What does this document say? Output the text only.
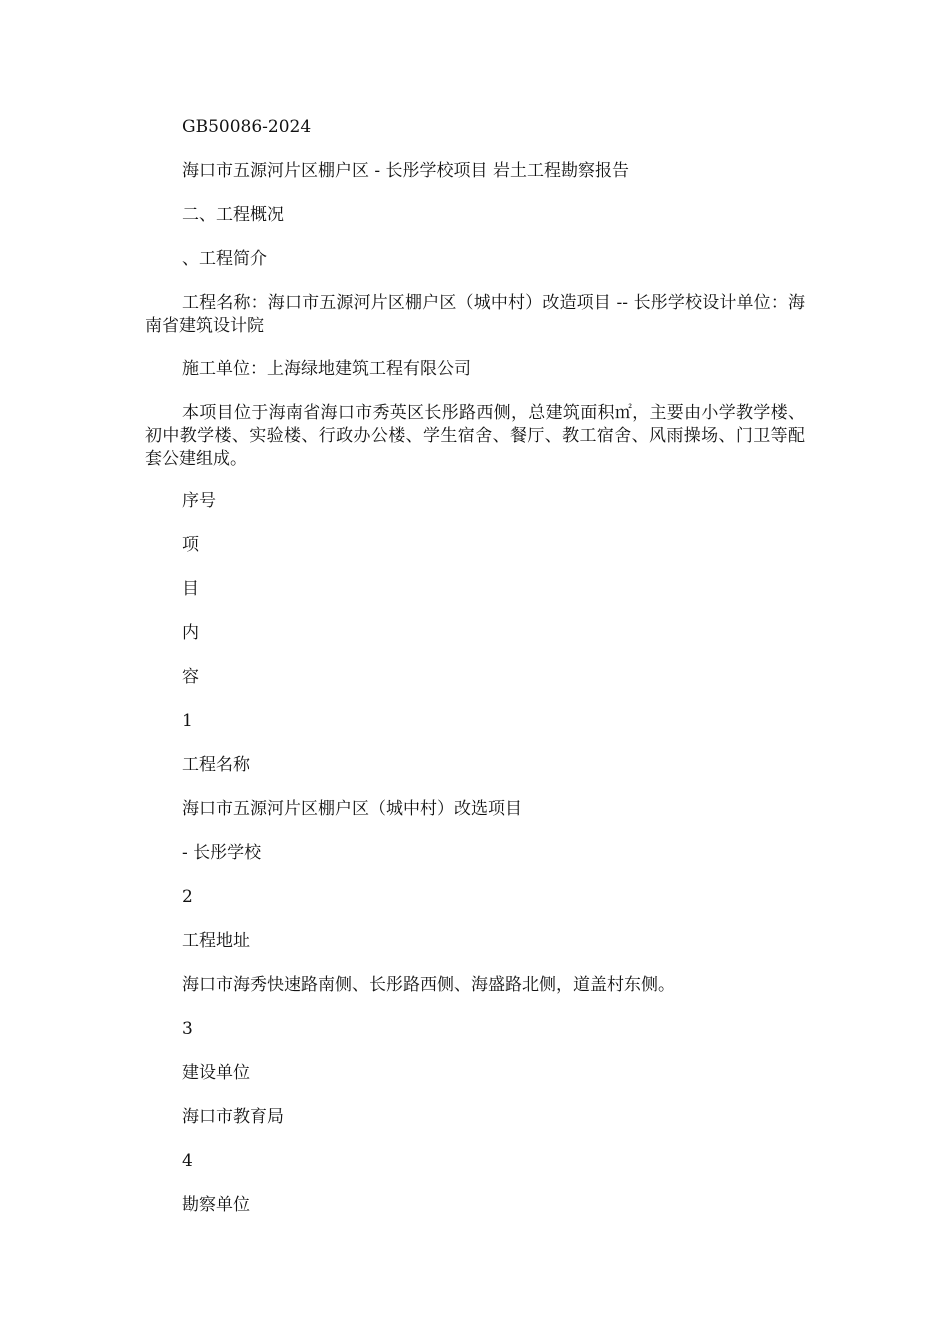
GB50086-2024
海口市五源河片区棚户区 - 长彤学校项目 岩土工程勘察报告
二、工程概况
、工程简介
工程名称：海口市五源河片区棚户区（城中村）改造项目 -- 长彤学校设计单位：海南省建筑设计院
施工单位：上海绿地建筑工程有限公司
本项目位于海南省海口市秀英区长彤路西侧，总建筑面积㎡，主要由小学教学楼、初中教学楼、实验楼、行政办公楼、学生宿舍、餐厅、教工宿舍、风雨操场、门卫等配套公建组成。
序号
项
目
内
容
1
工程名称
海口市五源河片区棚户区（城中村）改选项目
- 长彤学校
2
工程地址
海口市海秀快速路南侧、长彤路西侧、海盛路北侧，道盖村东侧。
3
建设单位
海口市教育局
4
勘察单位
